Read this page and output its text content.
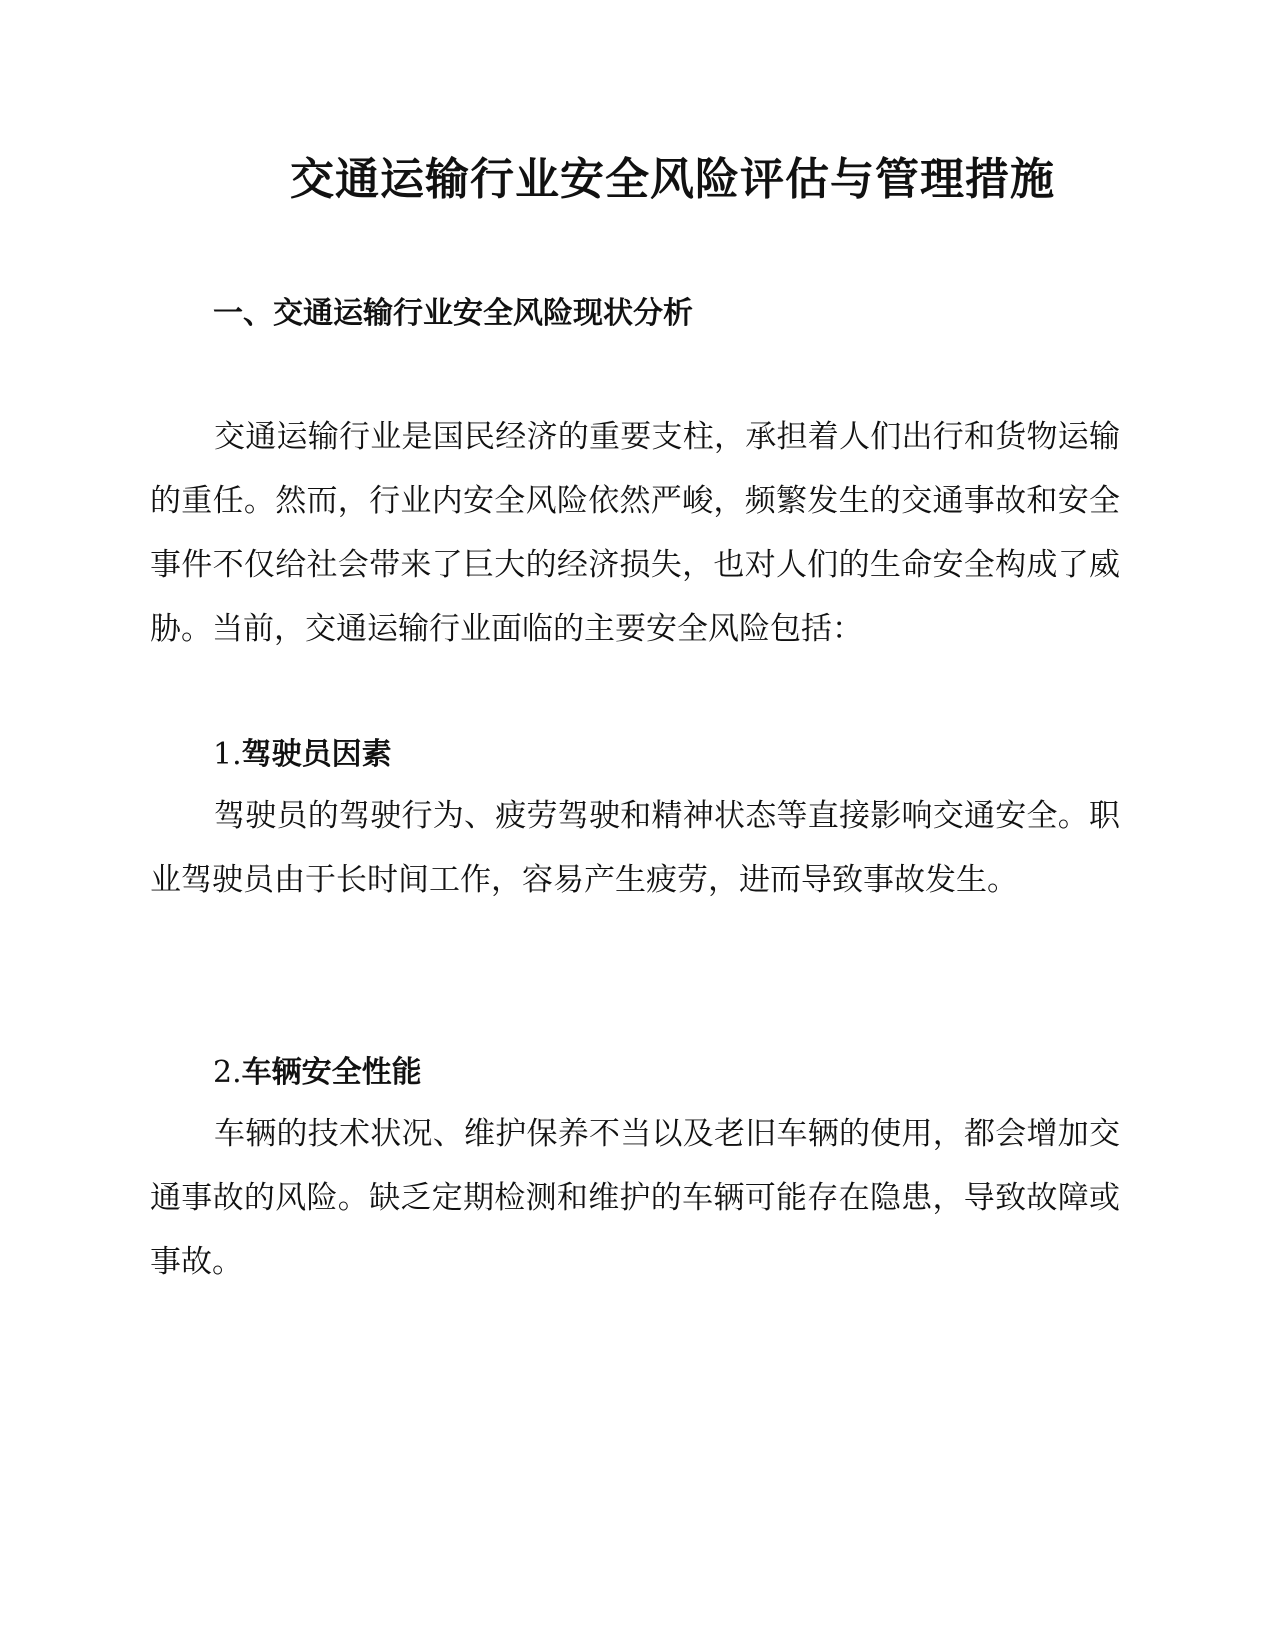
交通运输行业安全风险评估与管理措施
一、交通运输行业安全风险现状分析

交通运输行业是国民经济的重要支柱，承担着人们出行和货物运输的重任。然而，行业内安全风险依然严峻，频繁发生的交通事故和安全事件不仅给社会带来了巨大的经济损失，也对人们的生命安全构成了威胁。当前，交通运输行业面临的主要安全风险包括：

1.驾驶员因素

驾驶员的驾驶行为、疲劳驾驶和精神状态等直接影响交通安全。职业驾驶员由于长时间工作，容易产生疲劳，进而导致事故发生。

2.车辆安全性能

车辆的技术状况、维护保养不当以及老旧车辆的使用，都会增加交通事故的风险。缺乏定期检测和维护的车辆可能存在隐患，导致故障或事故。
